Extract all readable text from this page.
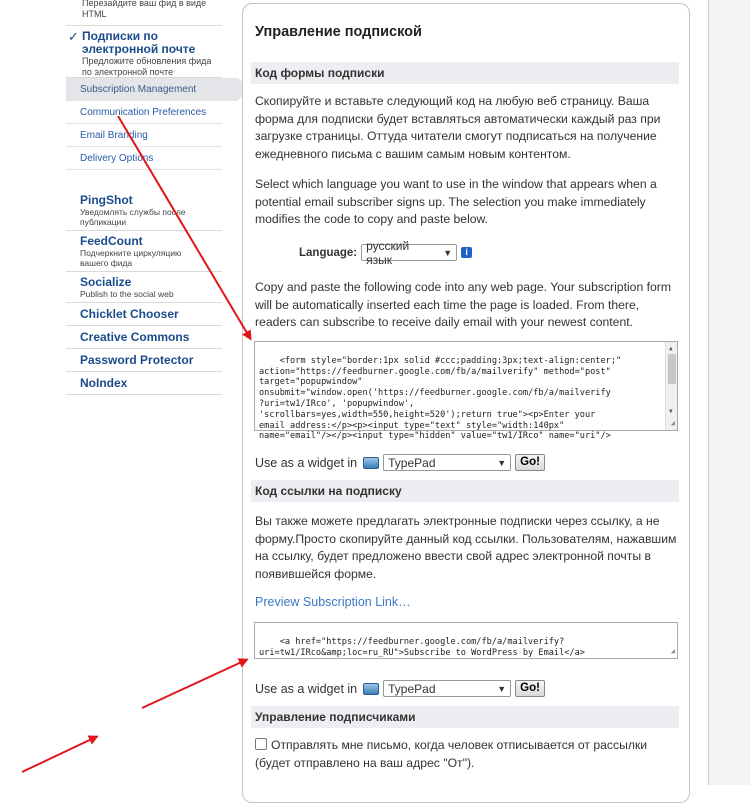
Перезайдите ваш фид в виде
HTML
✓ Подписки по
электронной почте
Предложите обновления фида
по электронной почте
Subscription Management
Communication Preferences
Email Branding
Delivery Options
PingShot
Уведомлять службы после
публикации
FeedCount
Подчеркните циркуляцию
вашего фида
Socialize
Publish to the social web
Chicklet Chooser
Creative Commons
Password Protector
NoIndex
Управление подпиской
Код формы подписки
Скопируйте и вставьте следующий код на любую веб страницу. Ваша форма для подписки будет вставляться автоматически каждый раз при загрузке страницы. Оттуда читатели смогут подписаться на получение ежедневного письма с вашим самым новым контентом.
Select which language you want to use in the window that appears when a potential email subscriber signs up. The selection you make immediately modifies the code to copy and paste below.
Language: русский язык	▼	i
Copy and paste the following code into any web page. Your subscription form will be automatically inserted each time the page is loaded. From there, readers can subscribe to receive daily email with your newest content.

<form style="border:1px solid #ccc;padding:3px;text-align:center;"
action="https://feedburner.google.com/fb/a/mailverify" method="post"
target="popupwindow"
onsubmit="window.open('https://feedburner.google.com/fb/a/mailverify
?uri=tw1/IRco', 'popupwindow',
'scrollbars=yes,width=550,height=520');return true"><p>Enter your
email address:</p><p><input type="text" style="width:140px"
name="email"/></p><input type="hidden" value="tw1/IRco" name="uri"/>

▲

▼

◢

Use as a widget in	TypePad	▼	Go!
Код ссылки на подписку
Вы также можете предлагать электронные подписки через ссылку, а не форму.Просто скопируйте данный код ссылки. Пользователям, нажавшим на ссылку, будет предложено ввести свой адрес электронной почты в появившейся форме.
Preview Subscription Link…

<a href="https://feedburner.google.com/fb/a/mailverify?
uri=tw1/IRco&amp;loc=ru_RU">Subscribe to WordPress by Email</a>
	◢

Use as a widget in	TypePad	▼	Go!
Управление подписчиками
Отправлять мне письмо, когда человек отписывается от рассылки (будет отправлено на ваш адрес "От").
